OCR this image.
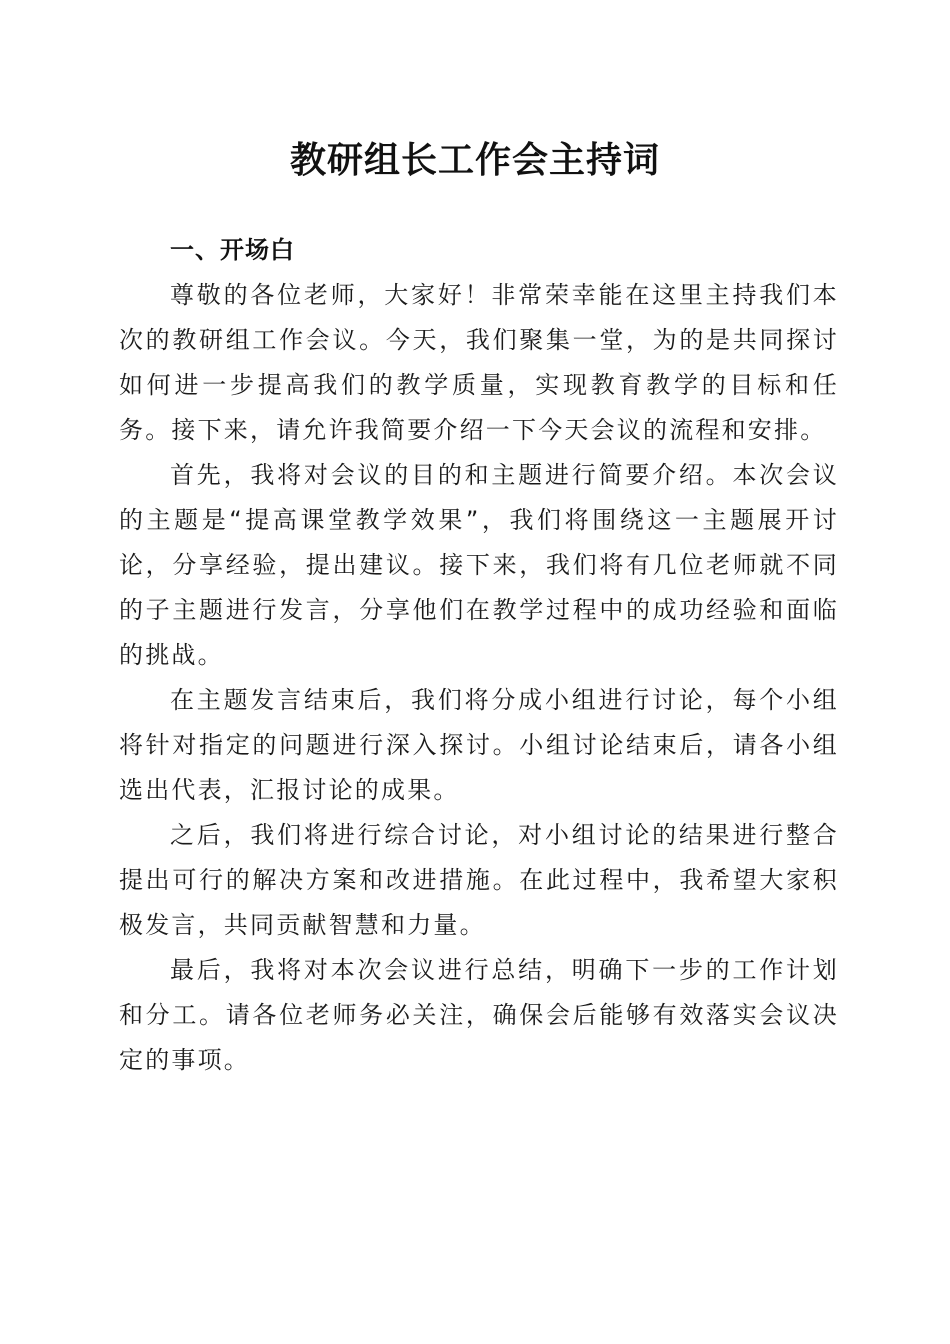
教研组长工作会主持词

一、开场白

尊敬的各位老师，大家好！非常荣幸能在这里主持我们本次的教研组工作会议。今天，我们聚集一堂，为的是共同探讨如何进一步提高我们的教学质量，实现教育教学的目标和任务。接下来，请允许我简要介绍一下今天会议的流程和安排。

首先，我将对会议的目的和主题进行简要介绍。本次会议的主题是“提高课堂教学效果”，我们将围绕这一主题展开讨论，分享经验，提出建议。接下来，我们将有几位老师就不同的子主题进行发言，分享他们在教学过程中的成功经验和面临的挑战。

在主题发言结束后，我们将分成小组进行讨论，每个小组将针对指定的问题进行深入探讨。小组讨论结束后，请各小组选出代表，汇报讨论的成果。

之后，我们将进行综合讨论，对小组讨论的结果进行整合提出可行的解决方案和改进措施。在此过程中，我希望大家积极发言，共同贡献智慧和力量。

最后，我将对本次会议进行总结，明确下一步的工作计划和分工。请各位老师务必关注，确保会后能够有效落实会议决定的事项。
